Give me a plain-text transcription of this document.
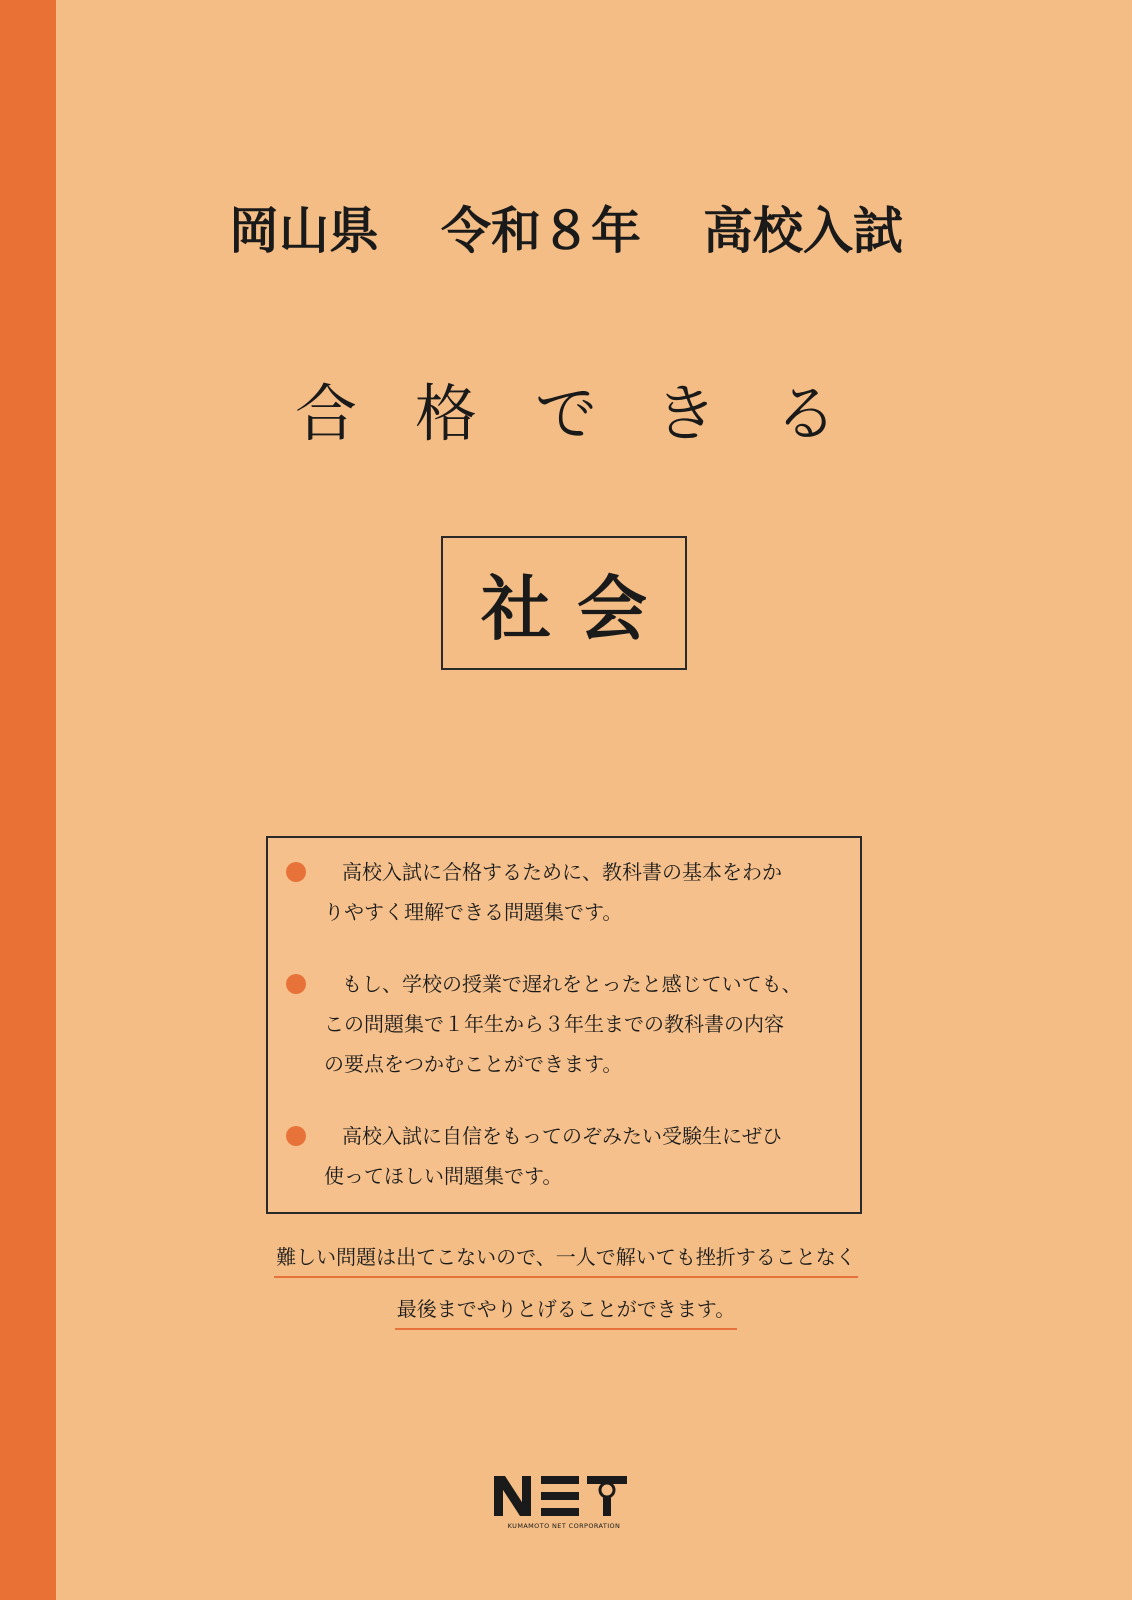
岡山県 令和８年 高校入試
合格できる
社会
高校入試に合格するために、教科書の基本をわか
りやすく理解できる問題集です。
もし、学校の授業で遅れをとったと感じていても、
この問題集で１年生から３年生までの教科書の内容
の要点をつかむことができます。
高校入試に自信をもってのぞみたい受験生にぜひ
使ってほしい問題集です。
難しい問題は出てこないので、一人で解いても挫折することなく
最後までやりとげることができます。
KUMAMOTO NET CORPORATION
